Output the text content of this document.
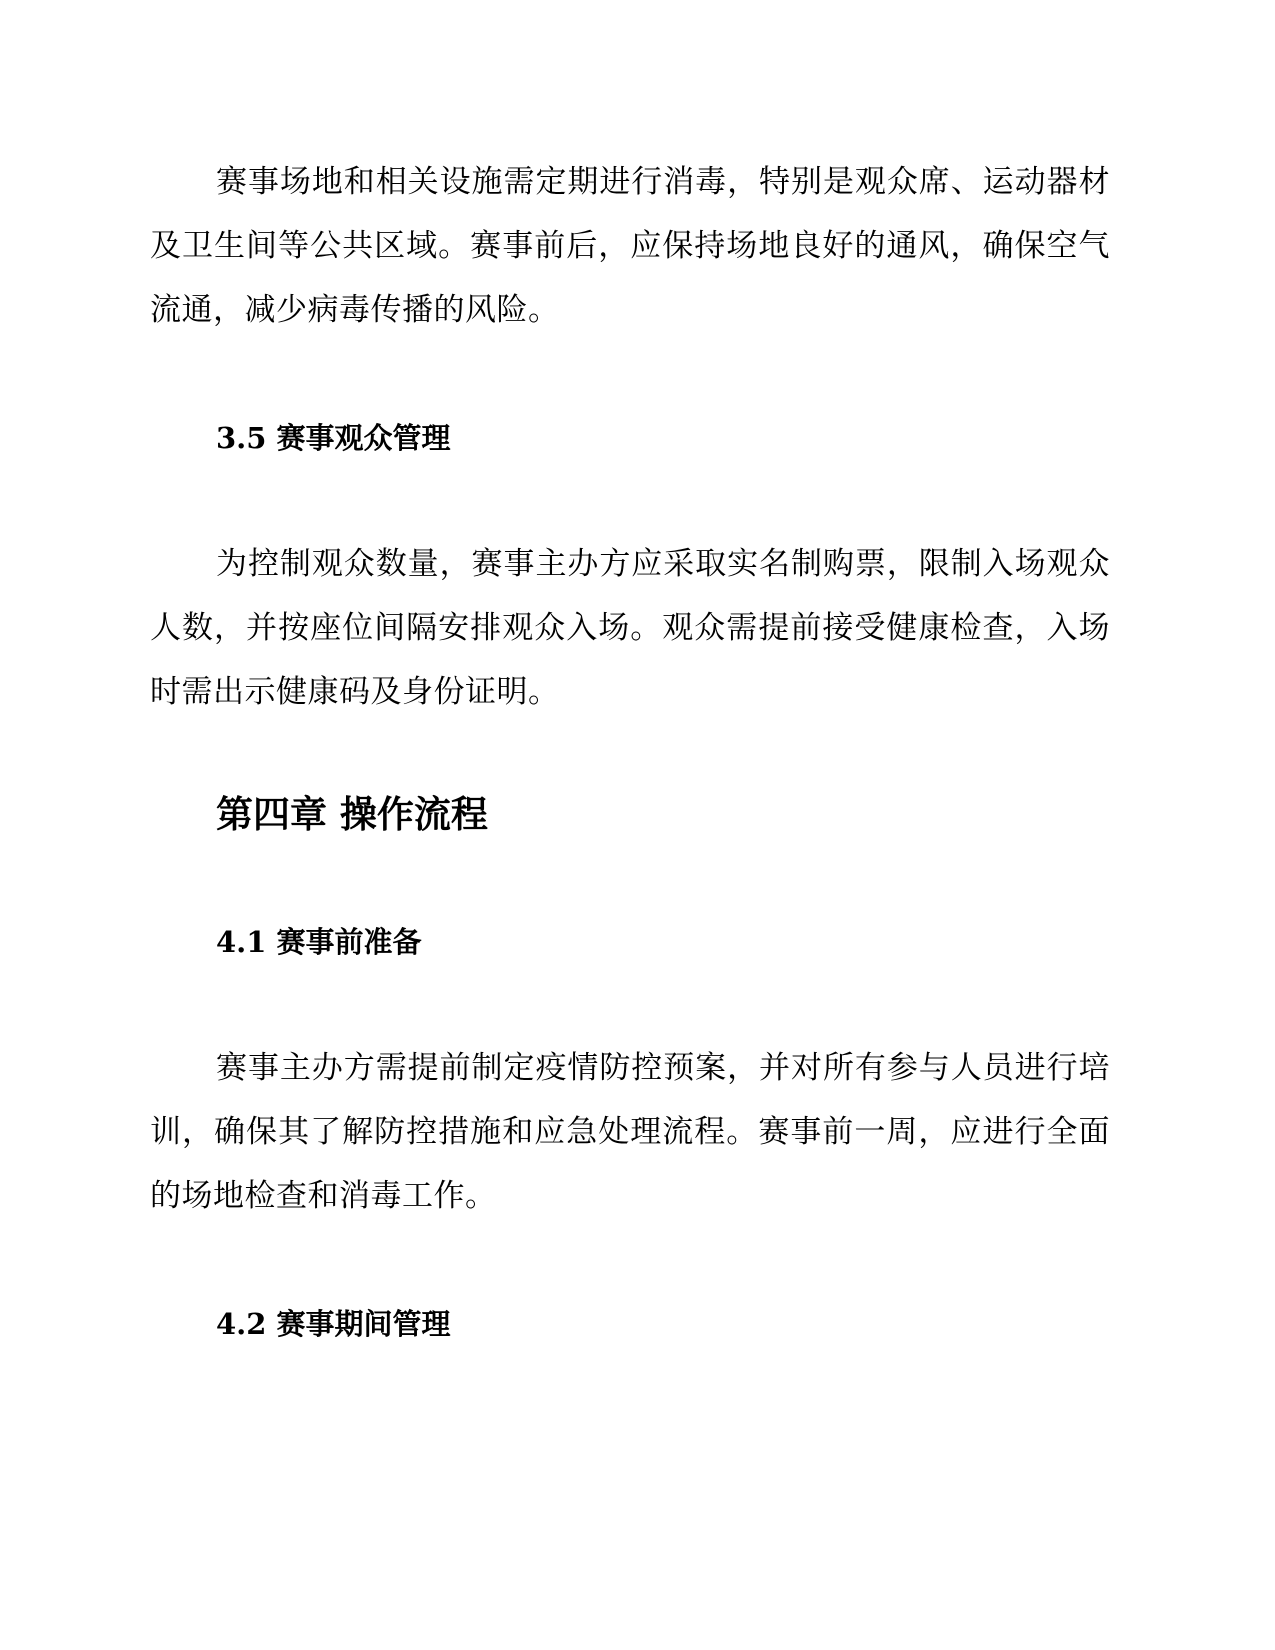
赛事场地和相关设施需定期进行消毒，特别是观众席、运动器材及卫生间等公共区域。赛事前后，应保持场地良好的通风，确保空气流通，减少病毒传播的风险。

3.5 赛事观众管理

为控制观众数量，赛事主办方应采取实名制购票，限制入场观众人数，并按座位间隔安排观众入场。观众需提前接受健康检查，入场时需出示健康码及身份证明。

第四章 操作流程
4.1 赛事前准备

赛事主办方需提前制定疫情防控预案，并对所有参与人员进行培训，确保其了解防控措施和应急处理流程。赛事前一周，应进行全面的场地检查和消毒工作。

4.2 赛事期间管理
